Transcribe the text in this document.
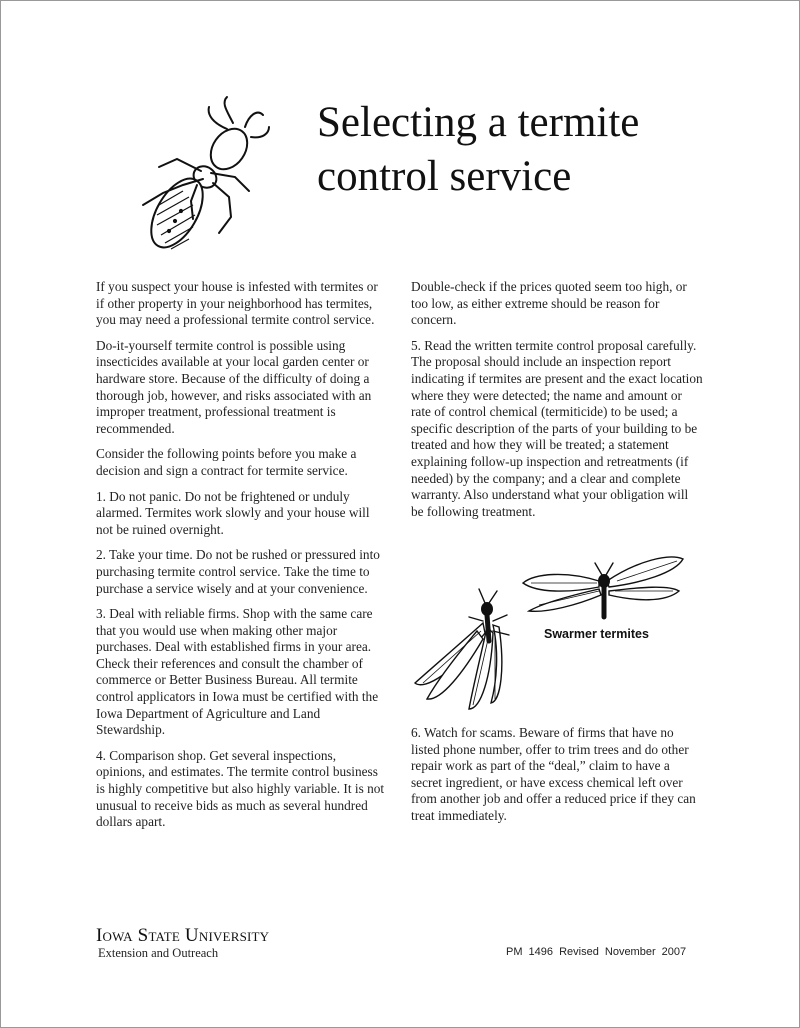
Selecting a termite control service

If you suspect your house is infested with termites or if other property in your neighborhood has termites, you may need a professional termite control service.

Do-it-yourself termite control is possible using insecticides available at your local garden center or hardware store. Because of the difficulty of doing a thorough job, however, and risks associated with an improper treatment, professional treatment is recommended.

Consider the following points before you make a decision and sign a contract for termite service.

1. Do not panic. Do not be frightened or unduly alarmed. Termites work slowly and your house will not be ruined overnight.

2. Take your time. Do not be rushed or pressured into purchasing termite control service. Take the time to purchase a service wisely and at your convenience.

3. Deal with reliable firms. Shop with the same care that you would use when making other major purchases. Deal with established firms in your area. Check their references and consult the chamber of commerce or Better Business Bureau. All termite control applicators in Iowa must be certified with the Iowa Department of Agriculture and Land Stewardship.

4. Comparison shop. Get several inspections, opinions, and estimates. The termite control business is highly competitive but also highly variable. It is not unusual to receive bids as much as several hundred dollars apart.

Double-check if the prices quoted seem too high, or too low, as either extreme should be reason for concern.

5. Read the written termite control proposal carefully. The proposal should include an inspection report indicating if termites are present and the exact location where they were detected; the name and amount or rate of control chemical (termiticide) to be used; a specific description of the parts of your building to be treated and how they will be treated; a statement explaining follow-up inspection and retreatments (if needed) by the company; and a clear and complete warranty. Also understand what your obligation will be following treatment.

Swarmer termites

6. Watch for scams. Beware of firms that have no listed phone number, offer to trim trees and do other repair work as part of the “deal,” claim to have a secret ingredient, or have excess chemical left over from another job and offer a reduced price if they can treat immediately.

Iowa State University
Extension and Outreach	PM 1496 Revised November 2007
